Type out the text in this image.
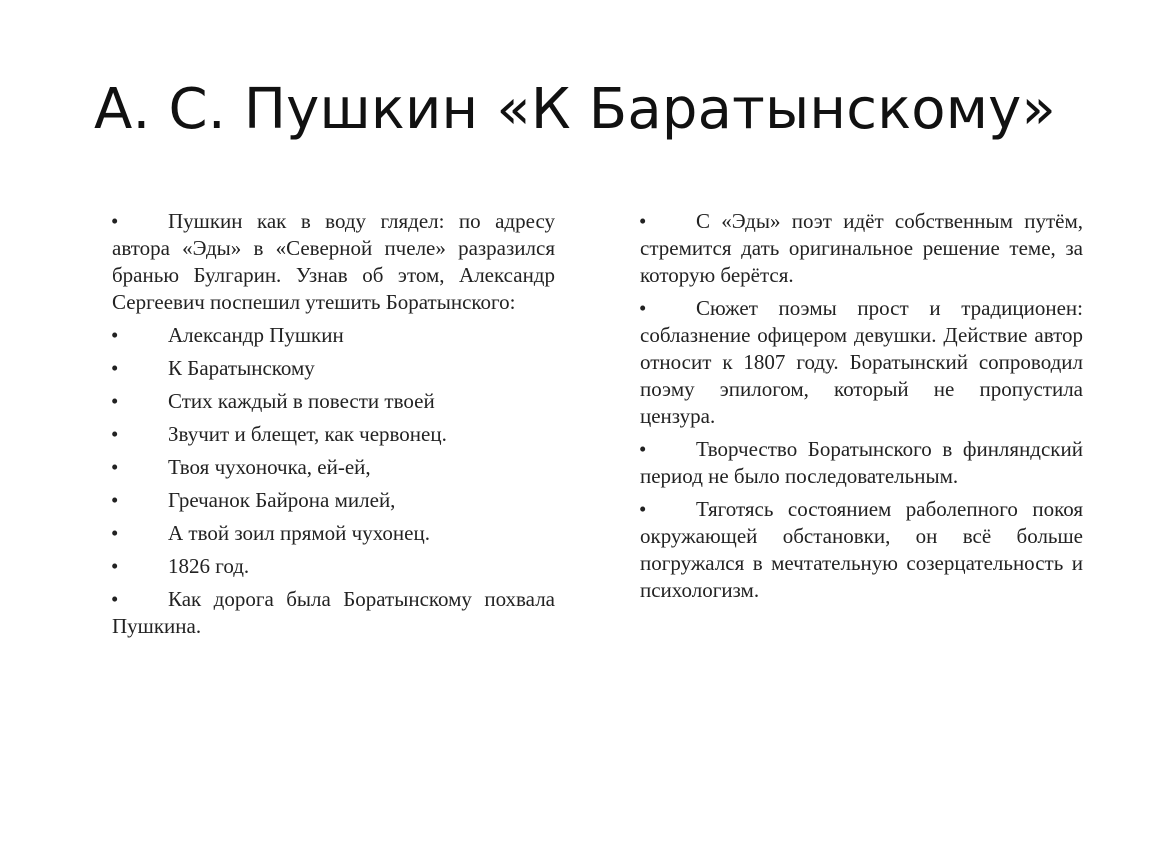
А. С. Пушкин «К Баратынскому»

• Пушкин как в воду глядел: по адресу автора «Эды» в «Северной пчеле» разразился бранью Булгарин. Узнав об этом, Александр Сергеевич поспешил утешить Боратынского:

• Александр Пушкин

• К Баратынскому

• Стих каждый в повести твоей

• Звучит и блещет, как червонец.

• Твоя чухоночка, ей-ей,

• Гречанок Байрона милей,

• А твой зоил прямой чухонец.

• 1826 год.

• Как дорога была Боратынскому похвала Пушкина.

• С «Эды» поэт идёт собственным путём, стремится дать оригинальное решение теме, за которую берётся.

• Сюжет поэмы прост и традиционен: соблазнение офицером девушки. Действие автор относит к 1807 году. Боратынский сопроводил поэму эпилогом, который не пропустила цензура.

• Творчество Боратынского в финляндский период не было последовательным.

• Тяготясь состоянием раболепного покоя окружающей обстановки, он всё больше погружался в мечтательную созерцательность и психологизм.
